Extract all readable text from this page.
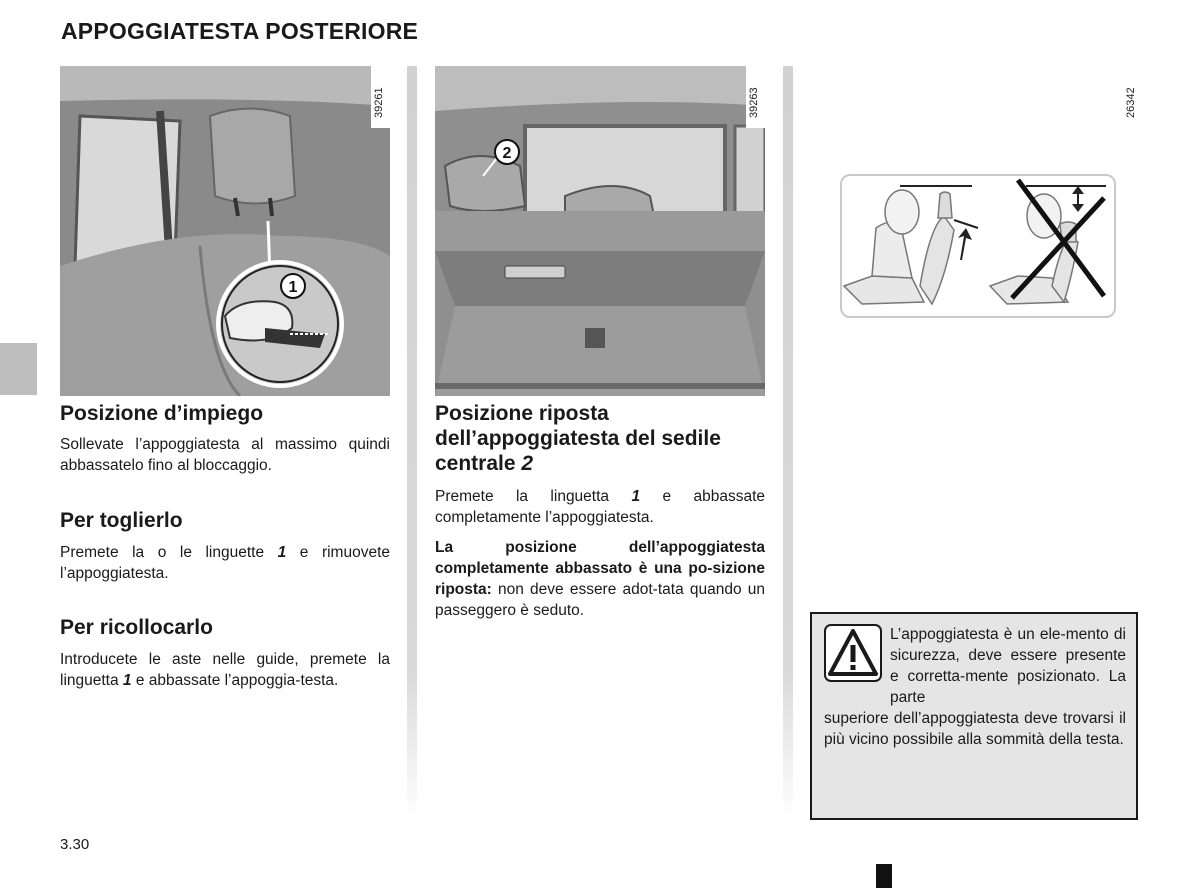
APPOGGIATESTA POSTERIORE
1
39261
2
39263	26342
Posizione d’impiego

Sollevate l’appoggiatesta al massimo quindi abbassatelo fino al bloccaggio.

Per toglierlo

Premete la o le linguette 1 e rimuovete l’appoggiatesta.

Per ricollocarlo

Introducete le aste nelle guide, premete la linguetta 1 e abbassate l’appoggia-testa.

Posizione riposta dell’appoggiatesta del sedile centrale 2

Premete la linguetta 1 e abbassate completamente l’appoggiatesta.

La posizione dell’appoggiatesta completamente abbassato è una po-sizione riposta: non deve essere adot-tata quando un passeggero è seduto.

L’appoggiatesta è un ele-mento di sicurezza, deve essere presente e corretta-mente posizionato. La parte

superiore dell’appoggiatesta deve trovarsi il più vicino possibile alla sommità della testa.

3.30
